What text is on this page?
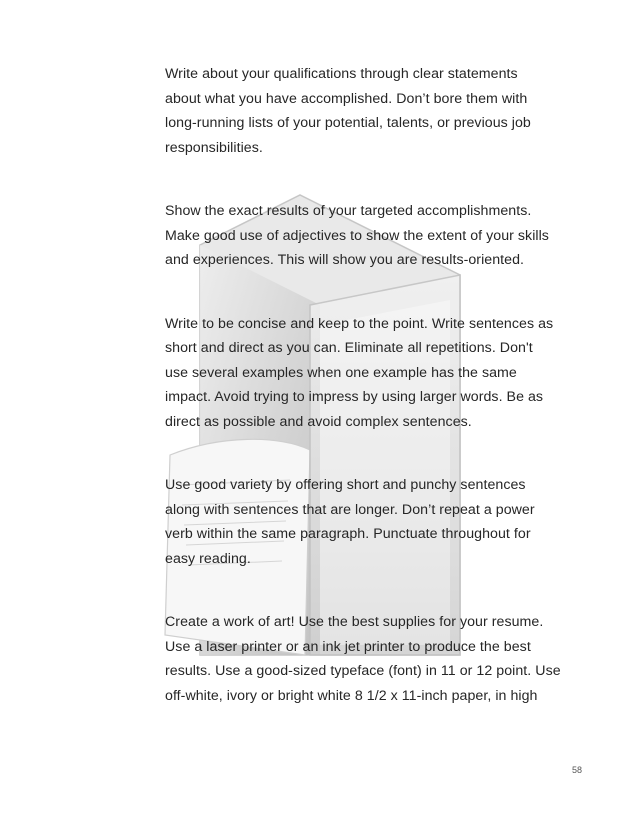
Write about your qualifications through clear statements
about what you have accomplished. Don’t bore them with
long-running lists of your potential, talents, or previous job
responsibilities.

Show the exact results of your targeted accomplishments.
Make good use of adjectives to show the extent of your skills
and experiences. This will show you are results-oriented.

Write to be concise and keep to the point. Write sentences as
short and direct as you can. Eliminate all repetitions. Don't
use several examples when one example has the same
impact. Avoid trying to impress by using larger words. Be as
direct as possible and avoid complex sentences.

Use good variety by offering short and punchy sentences
along with sentences that are longer. Don’t repeat a power
verb within the same paragraph. Punctuate throughout for
easy reading.

Create a work of art! Use the best supplies for your resume.
Use a laser printer or an ink jet printer to produce the best
results. Use a good-sized typeface (font) in 11 or 12 point. Use
off-white, ivory or bright white 8 1/2 x 11-inch paper, in high

58
